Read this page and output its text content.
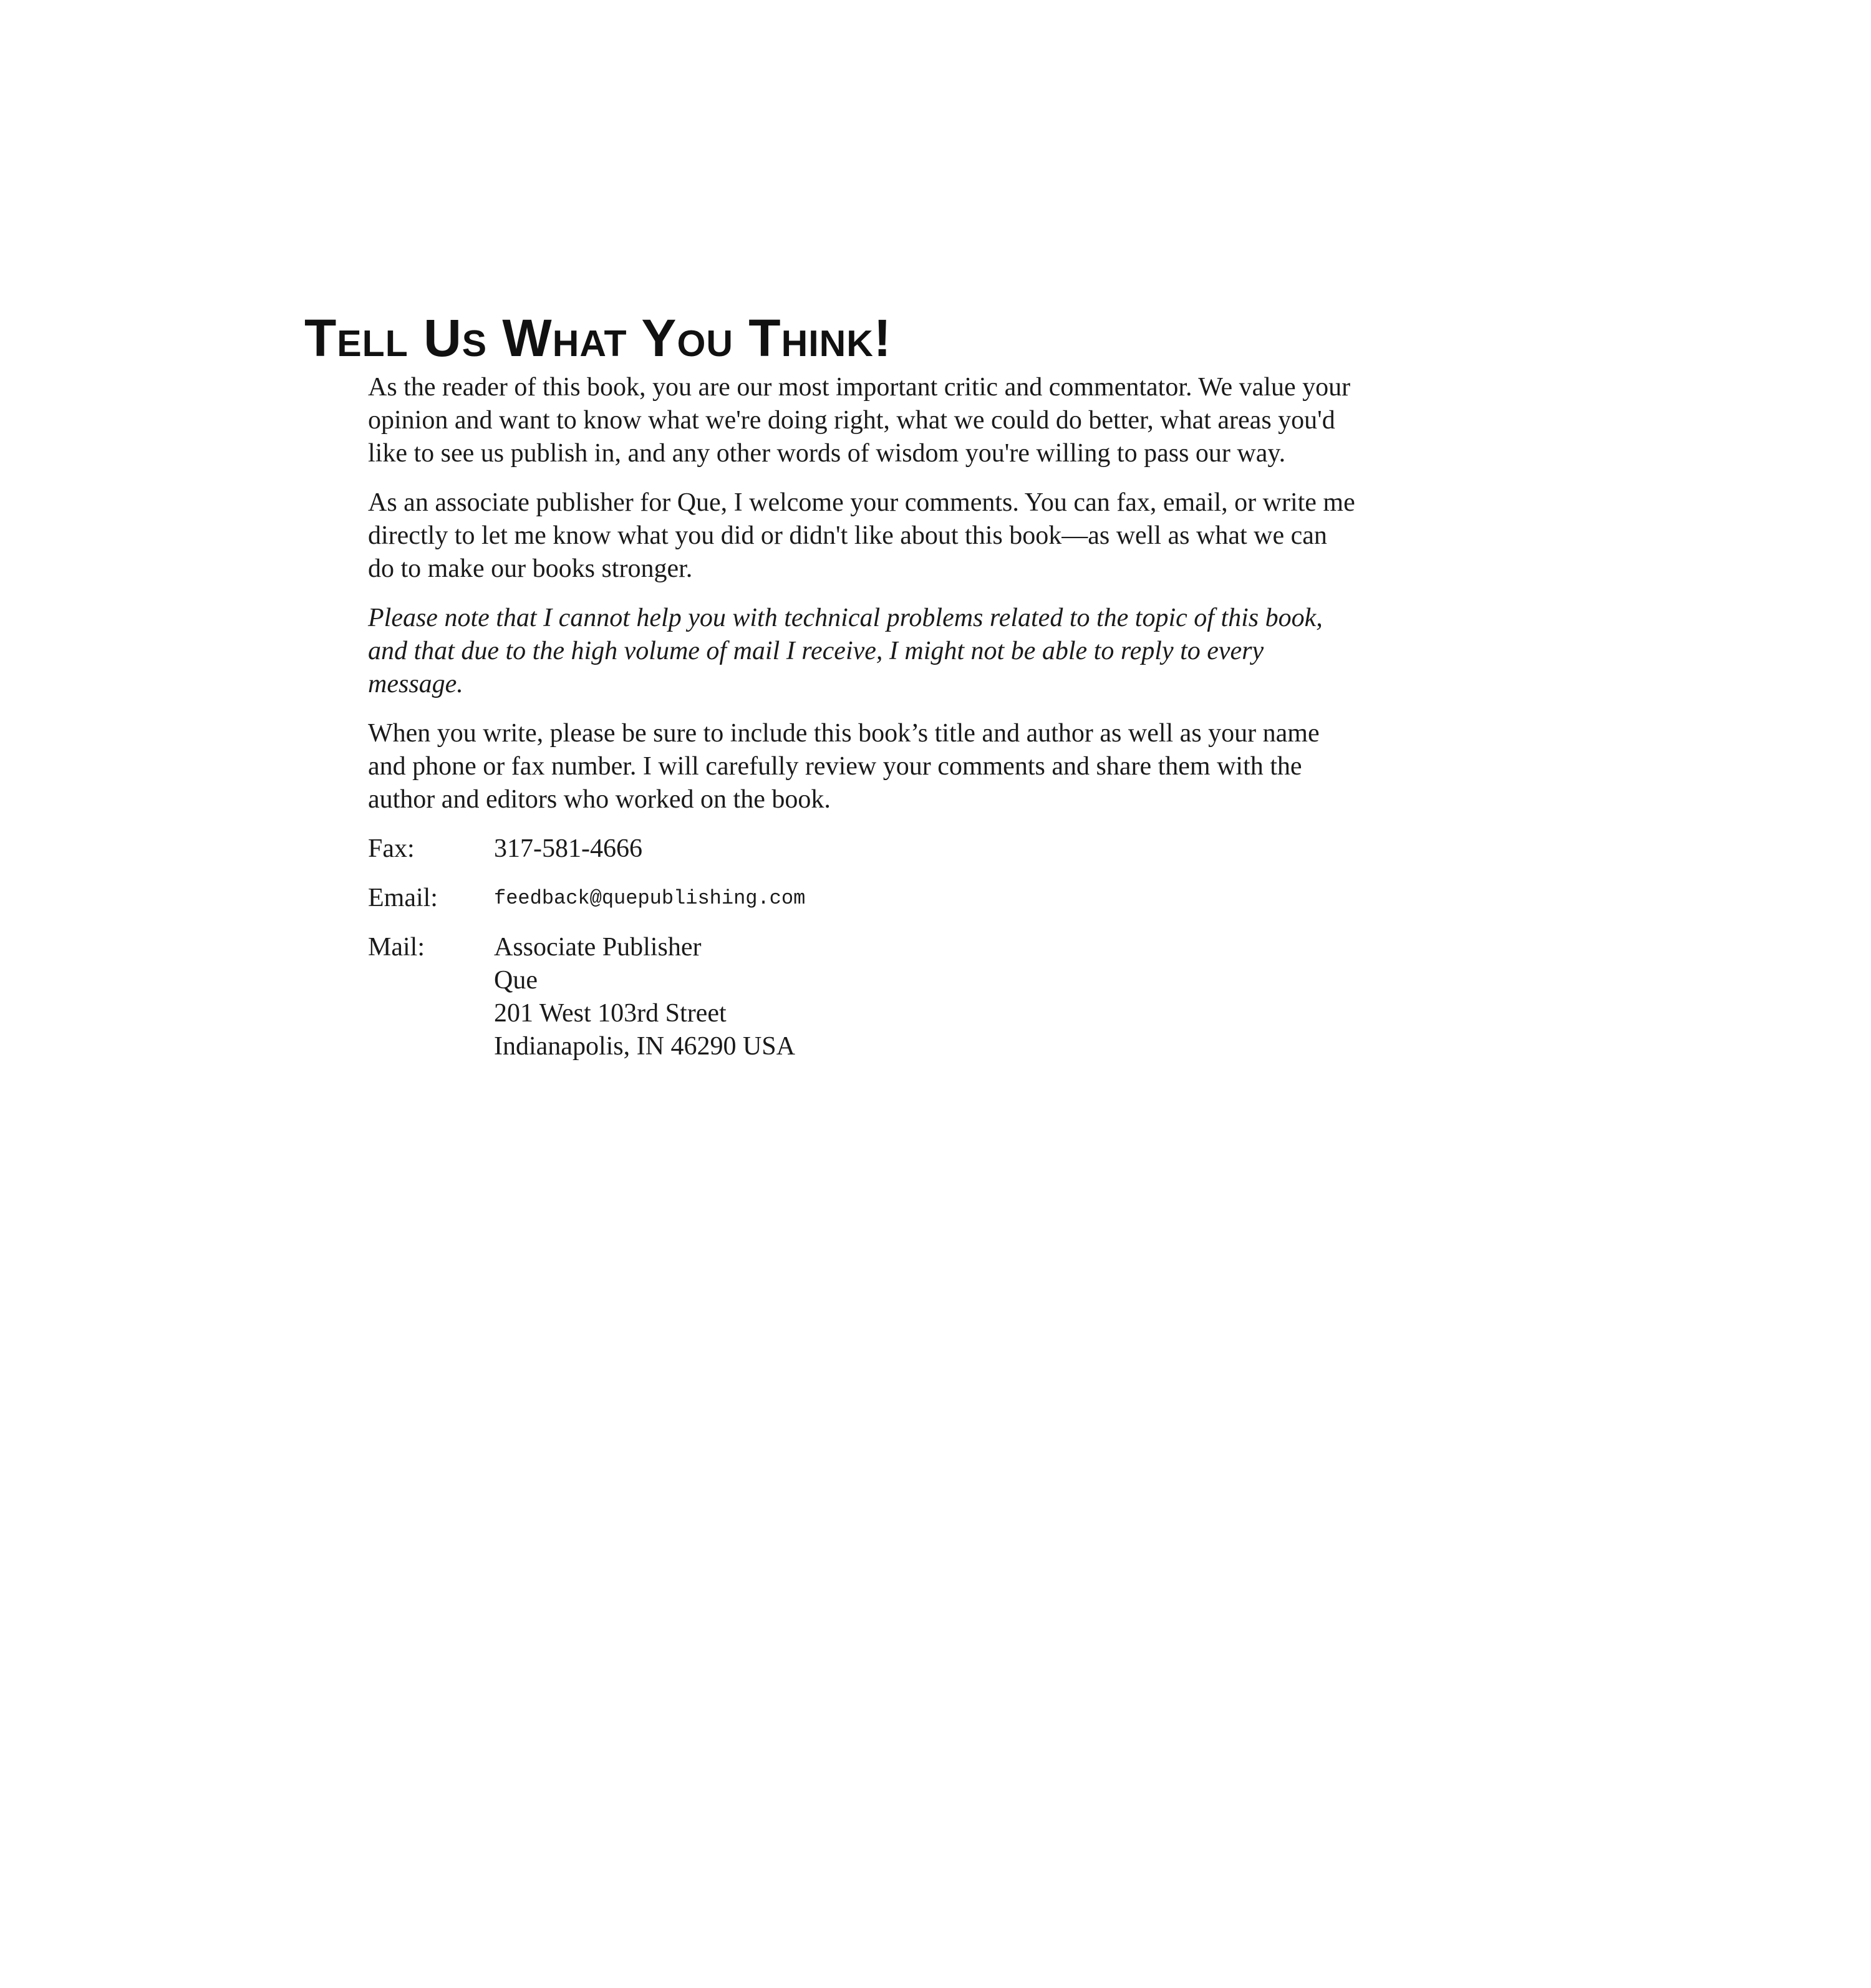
Tell Us What You Think!

As the reader of this book, you are our most important critic and commentator. We value your opinion and want to know what we're doing right, what we could do better, what areas you'd like to see us publish in, and any other words of wisdom you're willing to pass our way.

As an associate publisher for Que, I welcome your comments. You can fax, email, or write me directly to let me know what you did or didn't like about this book—as well as what we can do to make our books stronger.

Please note that I cannot help you with technical problems related to the topic of this book, and that due to the high volume of mail I receive, I might not be able to reply to every message.

When you write, please be sure to include this book’s title and author as well as your name and phone or fax number. I will carefully review your comments and share them with the author and editors who worked on the book.

Fax:	317-581-4666
Email:	feedback@quepublishing.com
Mail:	Associate Publisher
Que
201 West 103rd Street
Indianapolis, IN 46290 USA
